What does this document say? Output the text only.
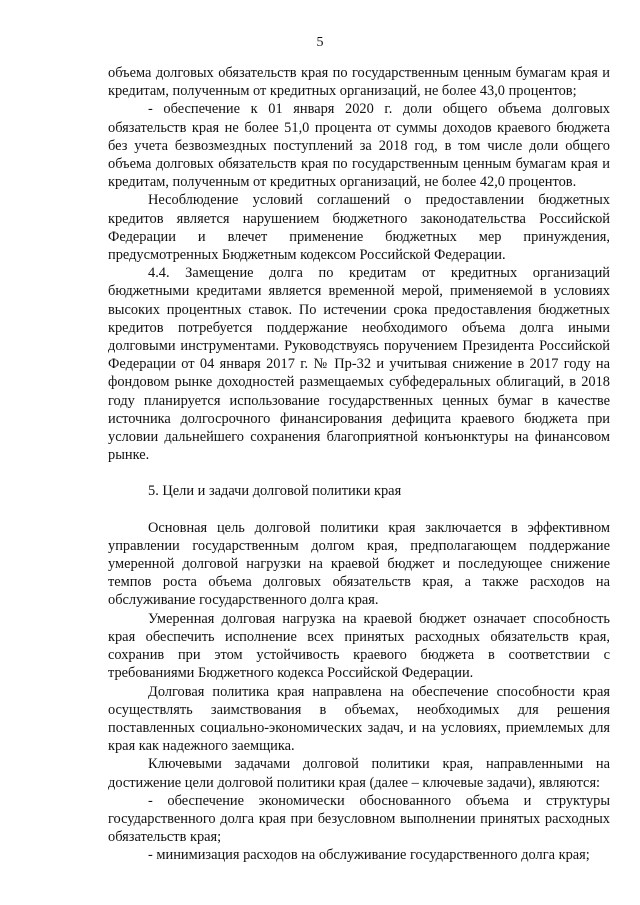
5

объема долговых обязательств края по государственным ценным бумагам края и кредитам, полученным от кредитных организаций, не более 43,0 процентов;

- обеспечение к 01 января 2020 г. доли общего объема долговых обязательств края не более 51,0 процента от суммы доходов краевого бюджета без учета безвозмездных поступлений за 2018 год, в том числе доли общего объема долговых обязательств края по государственным ценным бумагам края и кредитам, полученным от кредитных организаций, не более 42,0 процентов.

Несоблюдение условий соглашений о предоставлении бюджетных кредитов является нарушением бюджетного законодательства Российской Федерации и влечет применение бюджетных мер принуждения, предусмотренных Бюджетным кодексом Российской Федерации.

4.4. Замещение долга по кредитам от кредитных организаций бюджетными кредитами является временной мерой, применяемой в условиях высоких процентных ставок. По истечении срока предоставления бюджетных кредитов потребуется поддержание необходимого объема долга иными долговыми инструментами. Руководствуясь поручением Президента Российской Федерации от 04 января 2017 г. № Пр-32 и учитывая снижение в 2017 году на фондовом рынке доходностей размещаемых субфедеральных облигаций, в 2018 году планируется использование государственных ценных бумаг в качестве источника долгосрочного финансирования дефицита краевого бюджета при условии дальнейшего сохранения благоприятной конъюнктуры на финансовом рынке.

5. Цели и задачи долговой политики края

Основная цель долговой политики края заключается в эффективном управлении государственным долгом края, предполагающем поддержание умеренной долговой нагрузки на краевой бюджет и последующее снижение темпов роста объема долговых обязательств края, а также расходов на обслуживание государственного долга края.

Умеренная долговая нагрузка на краевой бюджет означает способность края обеспечить исполнение всех принятых расходных обязательств края, сохранив при этом устойчивость краевого бюджета в соответствии с требованиями Бюджетного кодекса Российской Федерации.

Долговая политика края направлена на обеспечение способности края осуществлять заимствования в объемах, необходимых для решения поставленных социально-экономических задач, и на условиях, приемлемых для края как надежного заемщика.

Ключевыми задачами долговой политики края, направленными на достижение цели долговой политики края (далее – ключевые задачи), являются:

- обеспечение экономически обоснованного объема и структуры государственного долга края при безусловном выполнении принятых расходных обязательств края;

- минимизация расходов на обслуживание государственного долга края;
